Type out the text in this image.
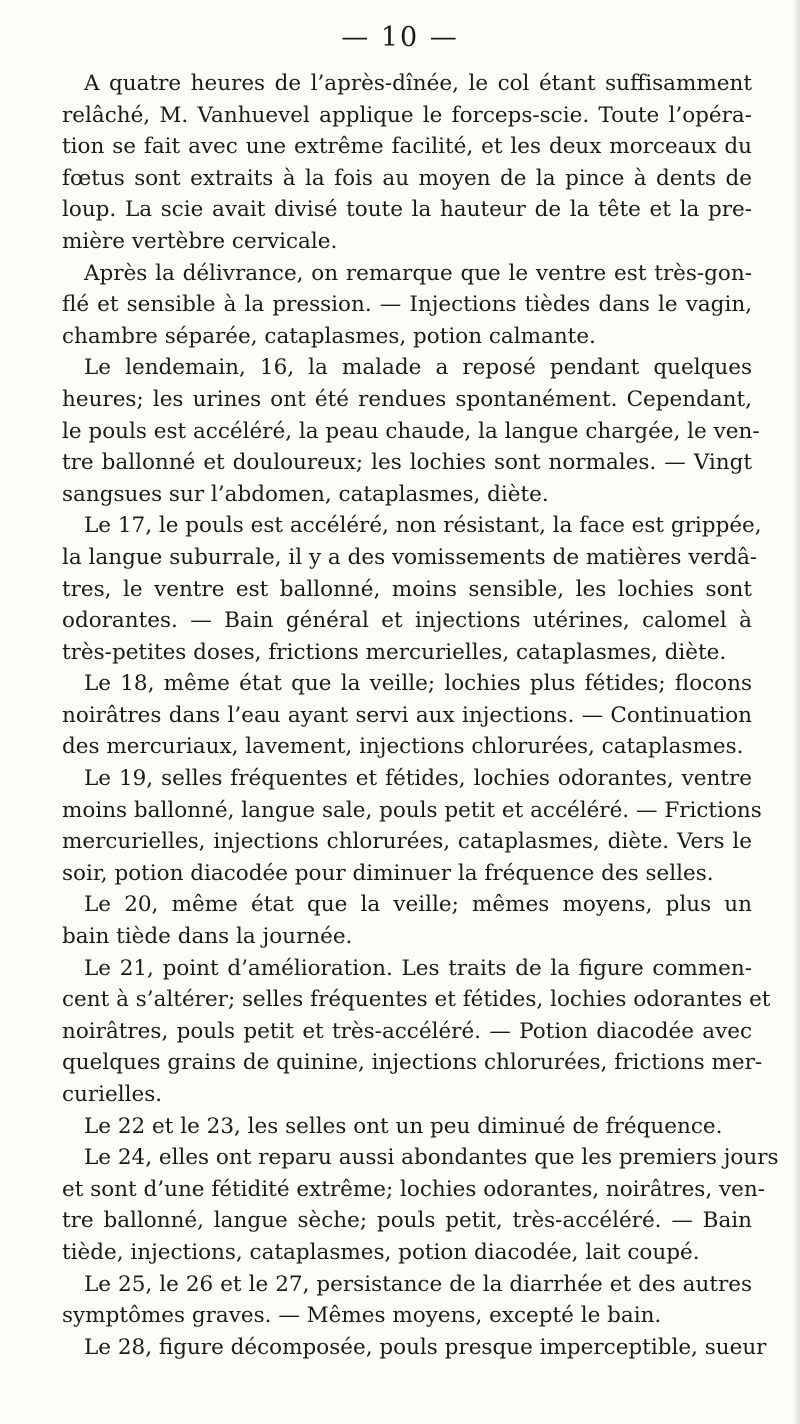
— 10 —
A quatre heures de l’après-dînée, le col étant suffisamment
relâché, M. Vanhuevel applique le forceps-scie. Toute l’opéra-
tion se fait avec une extrême facilité, et les deux morceaux du
fœtus sont extraits à la fois au moyen de la pince à dents de
loup. La scie avait divisé toute la hauteur de la tête et la pre-
mière vertèbre cervicale.
Après la délivrance, on remarque que le ventre est très-gon-
flé et sensible à la pression. — Injections tièdes dans le vagin,
chambre séparée, cataplasmes, potion calmante.
Le lendemain, 16, la malade a reposé pendant quelques
heures; les urines ont été rendues spontanément. Cependant,
le pouls est accéléré, la peau chaude, la langue chargée, le ven-
tre ballonné et douloureux; les lochies sont normales. — Vingt
sangsues sur l’abdomen, cataplasmes, diète.
Le 17, le pouls est accéléré, non résistant, la face est grippée,
la langue suburrale, il y a des vomissements de matières verdâ-
tres, le ventre est ballonné, moins sensible, les lochies sont
odorantes. — Bain général et injections utérines, calomel à
très-petites doses, frictions mercurielles, cataplasmes, diète.
Le 18, même état que la veille; lochies plus fétides; flocons
noirâtres dans l’eau ayant servi aux injections. — Continuation
des mercuriaux, lavement, injections chlorurées, cataplasmes.
Le 19, selles fréquentes et fétides, lochies odorantes, ventre
moins ballonné, langue sale, pouls petit et accéléré. — Frictions
mercurielles, injections chlorurées, cataplasmes, diète. Vers le
soir, potion diacodée pour diminuer la fréquence des selles.
Le 20, même état que la veille; mêmes moyens, plus un
bain tiède dans la journée.
Le 21, point d’amélioration. Les traits de la figure commen-
cent à s’altérer; selles fréquentes et fétides, lochies odorantes et
noirâtres, pouls petit et très-accéléré. — Potion diacodée avec
quelques grains de quinine, injections chlorurées, frictions mer-
curielles.
Le 22 et le 23, les selles ont un peu diminué de fréquence.
Le 24, elles ont reparu aussi abondantes que les premiers jours
et sont d’une fétidité extrême; lochies odorantes, noirâtres, ven-
tre ballonné, langue sèche; pouls petit, très-accéléré. — Bain
tiède, injections, cataplasmes, potion diacodée, lait coupé.
Le 25, le 26 et le 27, persistance de la diarrhée et des autres
symptômes graves. — Mêmes moyens, excepté le bain.
Le 28, figure décomposée, pouls presque imperceptible, sueur
